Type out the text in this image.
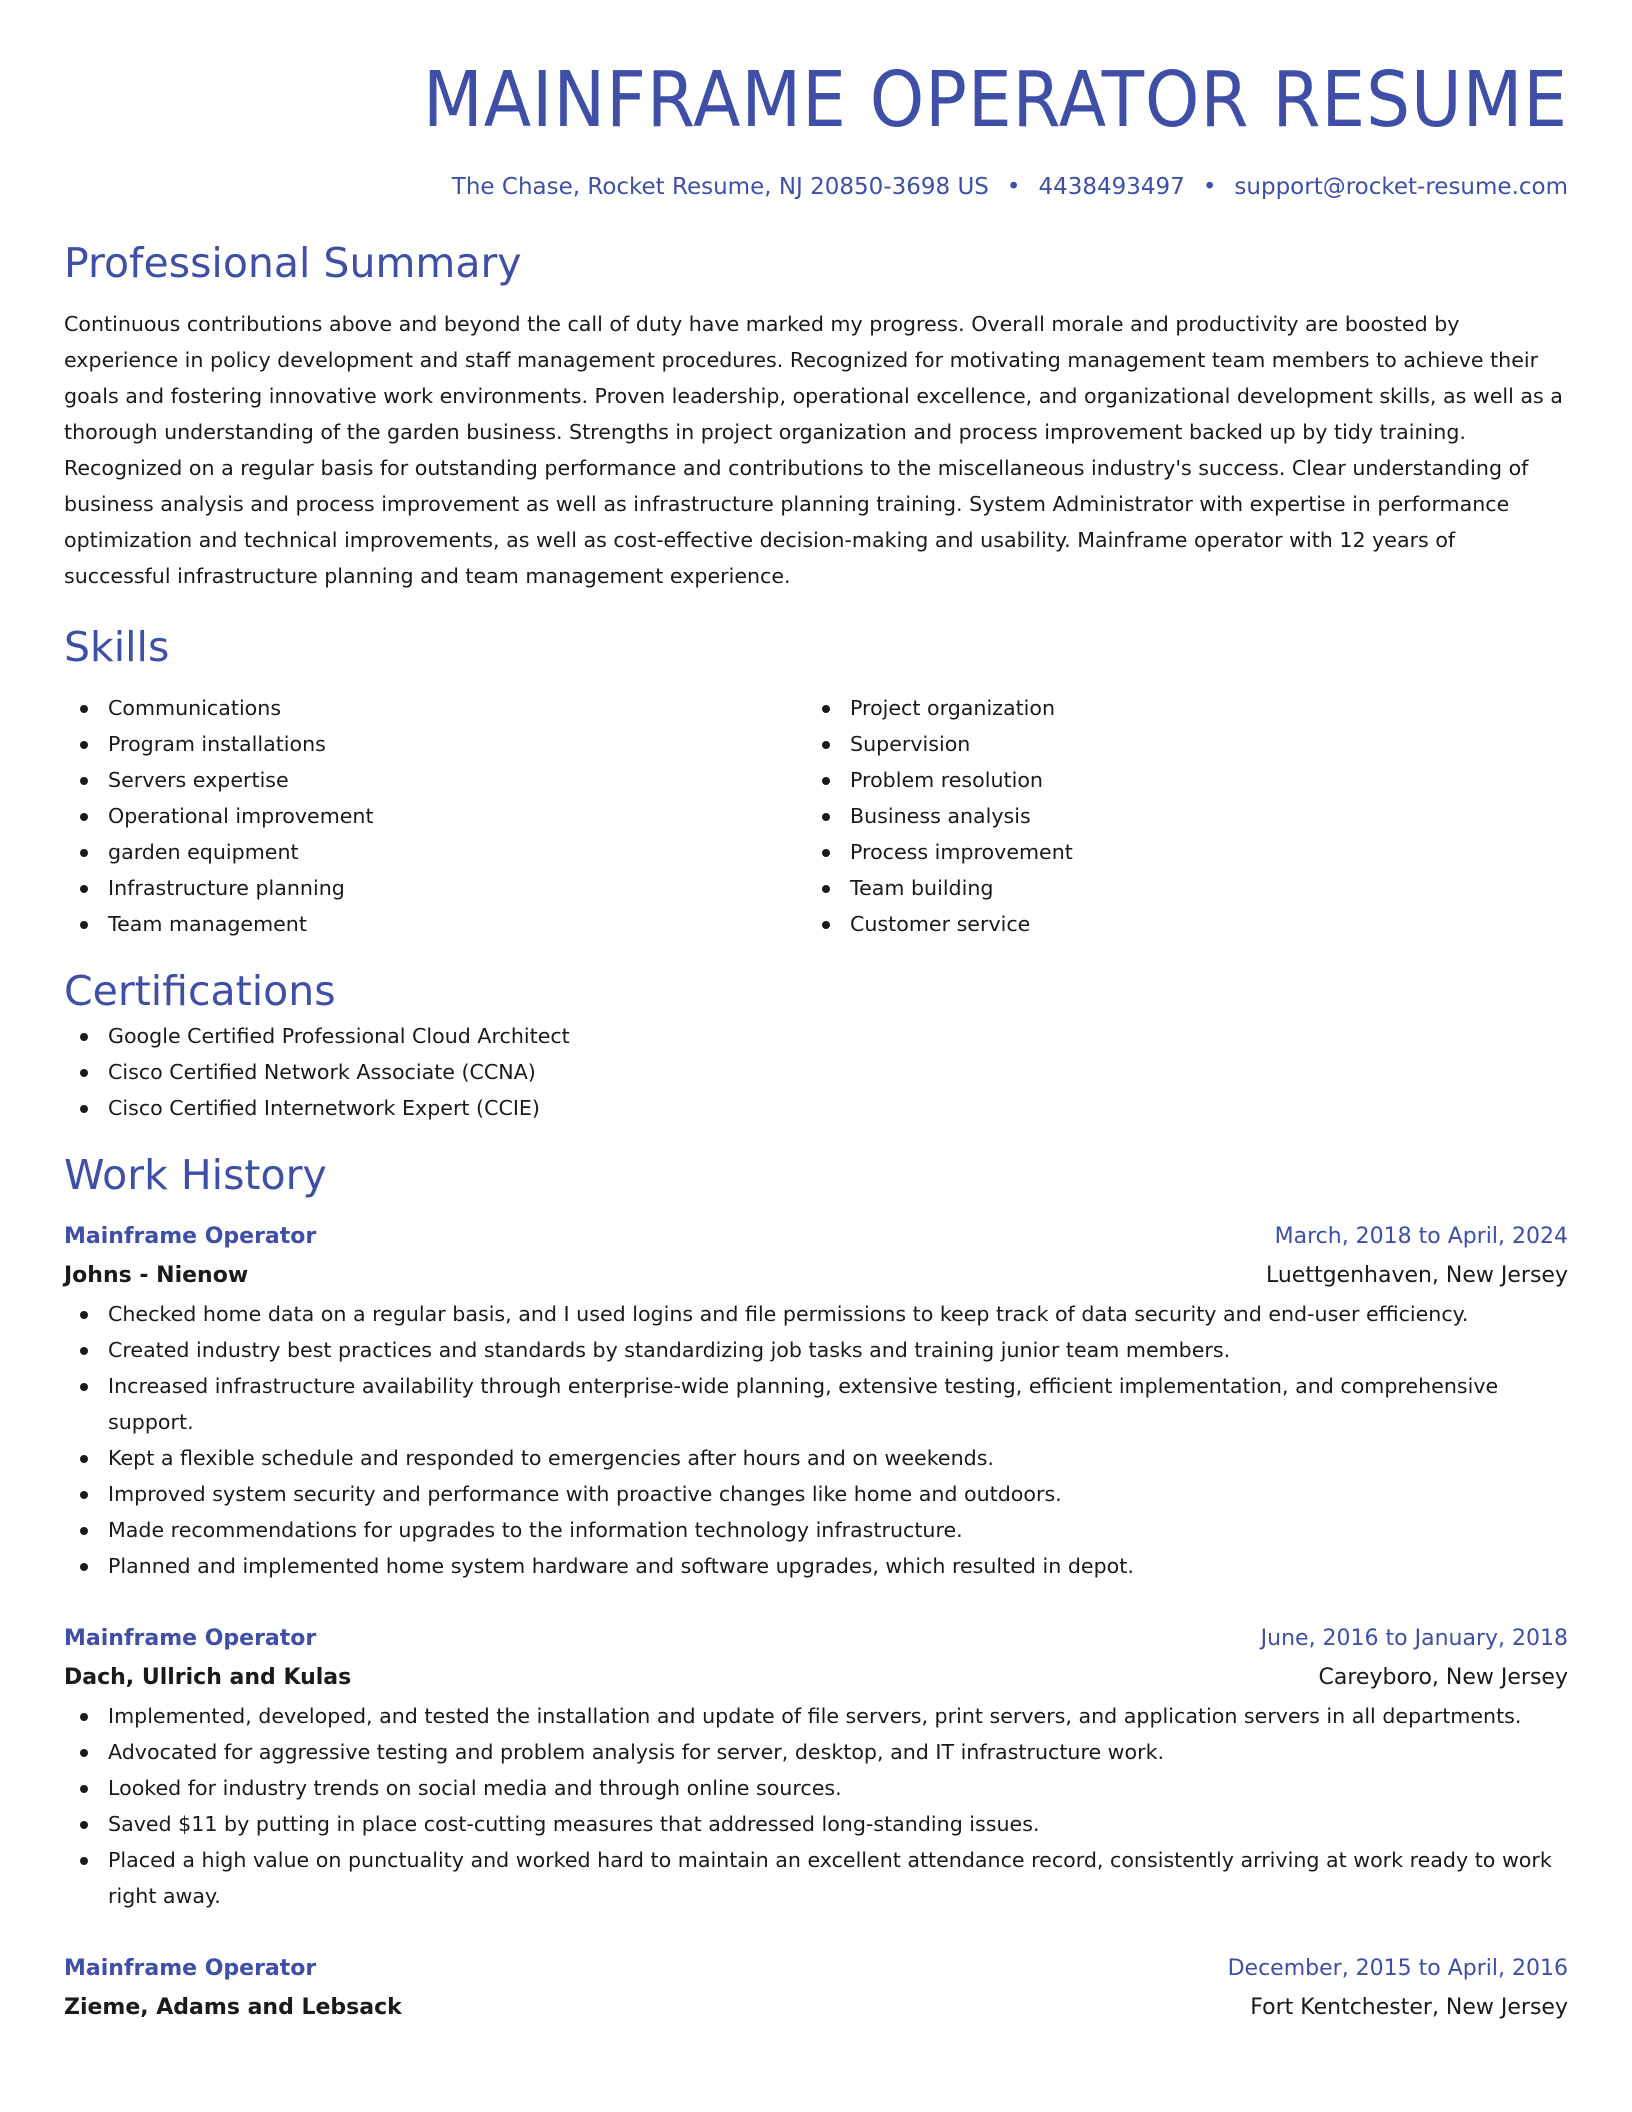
MAINFRAME OPERATOR RESUME
The Chase, Rocket Resume, NJ 20850-3698 US • 4438493497 • support@rocket-resume.com
Professional Summary

Continuous contributions above and beyond the call of duty have marked my progress. Overall morale and productivity are boosted by experience in policy development and staff management procedures. Recognized for motivating management team members to achieve their goals and fostering innovative work environments. Proven leadership, operational excellence, and organizational development skills, as well as a thorough understanding of the garden business. Strengths in project organization and process improvement backed up by tidy training. Recognized on a regular basis for outstanding performance and contributions to the miscellaneous industry's success. Clear understanding of business analysis and process improvement as well as infrastructure planning training. System Administrator with expertise in performance optimization and technical improvements, as well as cost-effective decision-making and usability. Mainframe operator with 12 years of successful infrastructure planning and team management experience.

Skills
Communications
Program installations
Servers expertise
Operational improvement
garden equipment
Infrastructure planning
Team management
Project organization
Supervision
Problem resolution
Business analysis
Process improvement
Team building
Customer service
Certifications
Google Certified Professional Cloud Architect
Cisco Certified Network Associate (CCNA)
Cisco Certified Internetwork Expert (CCIE)
Work History
Mainframe Operator	March, 2018 to April, 2024
Johns - Nienow	Luettgenhaven, New Jersey
Checked home data on a regular basis, and I used logins and file permissions to keep track of data security and end-user efficiency.
Created industry best practices and standards by standardizing job tasks and training junior team members.
Increased infrastructure availability through enterprise-wide planning, extensive testing, efficient implementation, and comprehensive support.
Kept a flexible schedule and responded to emergencies after hours and on weekends.
Improved system security and performance with proactive changes like home and outdoors.
Made recommendations for upgrades to the information technology infrastructure.
Planned and implemented home system hardware and software upgrades, which resulted in depot.
Mainframe Operator	June, 2016 to January, 2018
Dach, Ullrich and Kulas	Careyboro, New Jersey
Implemented, developed, and tested the installation and update of file servers, print servers, and application servers in all departments.
Advocated for aggressive testing and problem analysis for server, desktop, and IT infrastructure work.
Looked for industry trends on social media and through online sources.
Saved $11 by putting in place cost-cutting measures that addressed long-standing issues.
Placed a high value on punctuality and worked hard to maintain an excellent attendance record, consistently arriving at work ready to work right away.
Mainframe Operator	December, 2015 to April, 2016
Zieme, Adams and Lebsack	Fort Kentchester, New Jersey
